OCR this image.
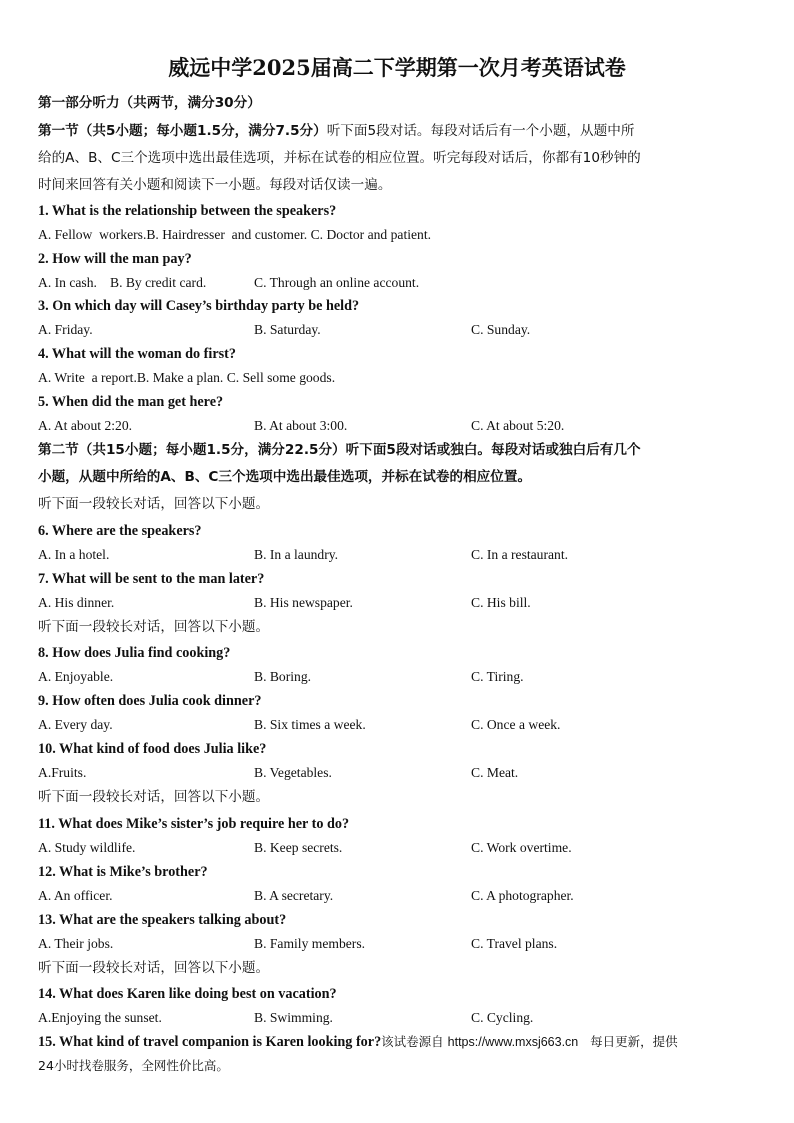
威远中学2025届高二下学期第一次月考英语试卷
第一部分听力（共两节，满分30分）
第一节（共5小题；每小题1.5分，满分7.5分）听下面5段对话。每段对话后有一个小题，从题中所
给的A、B、C三个选项中选出最佳选项，并标在试卷的相应位置。听完每段对话后，你都有10秒钟的
时间来回答有关小题和阅读下一小题。每段对话仅读一遍。
1. What is the relationship between the speakers?
A. Fellow  workers.B. Hairdresser  and customer. C. Doctor and patient.
2. How will the man pay?
A. In cash. B. By credit card.	C. Through an online account.
3. On which day will Casey’s birthday party be held?
A. Friday.	B. Saturday.	C. Sunday.
4. What will the woman do first?
A. Write  a report.B. Make a plan. C. Sell some goods.
5. When did the man get here?
A. At about 2:20.	B. At about 3:00.	C. At about 5:20.
第二节（共15小题；每小题1.5分，满分22.5分）听下面5段对话或独白。每段对话或独白后有几个
小题，从题中所给的A、B、C三个选项中选出最佳选项，并标在试卷的相应位置。
听下面一段较长对话，回答以下小题。
6. Where are the speakers?
A. In a hotel.	B. In a laundry.	C. In a restaurant.
7. What will be sent to the man later?
A. His dinner.	B. His newspaper.	C. His bill.
听下面一段较长对话，回答以下小题。
8. How does Julia find cooking?
A. Enjoyable.	B. Boring.	C. Tiring.
9. How often does Julia cook dinner?
A. Every day.	B. Six times a week.	C. Once a week.
10. What kind of food does Julia like?
A.Fruits.	B. Vegetables.	C. Meat.
听下面一段较长对话，回答以下小题。
11. What does Mike’s sister’s job require her to do?
A. Study wildlife.	B. Keep secrets.	C. Work overtime.
12. What is Mike’s brother?
A. An officer.	B. A secretary.	C. A photographer.
13. What are the speakers talking about?
A. Their jobs.	B. Family members.	C. Travel plans.
听下面一段较长对话，回答以下小题。
14. What does Karen like doing best on vacation?
A.Enjoying the sunset.	B. Swimming.	C. Cycling.
15. What kind of travel companion is Karen looking for?该试卷源自 https://www.mxsj663.cn   每日更新，提供
24小时找卷服务，全网性价比高。
